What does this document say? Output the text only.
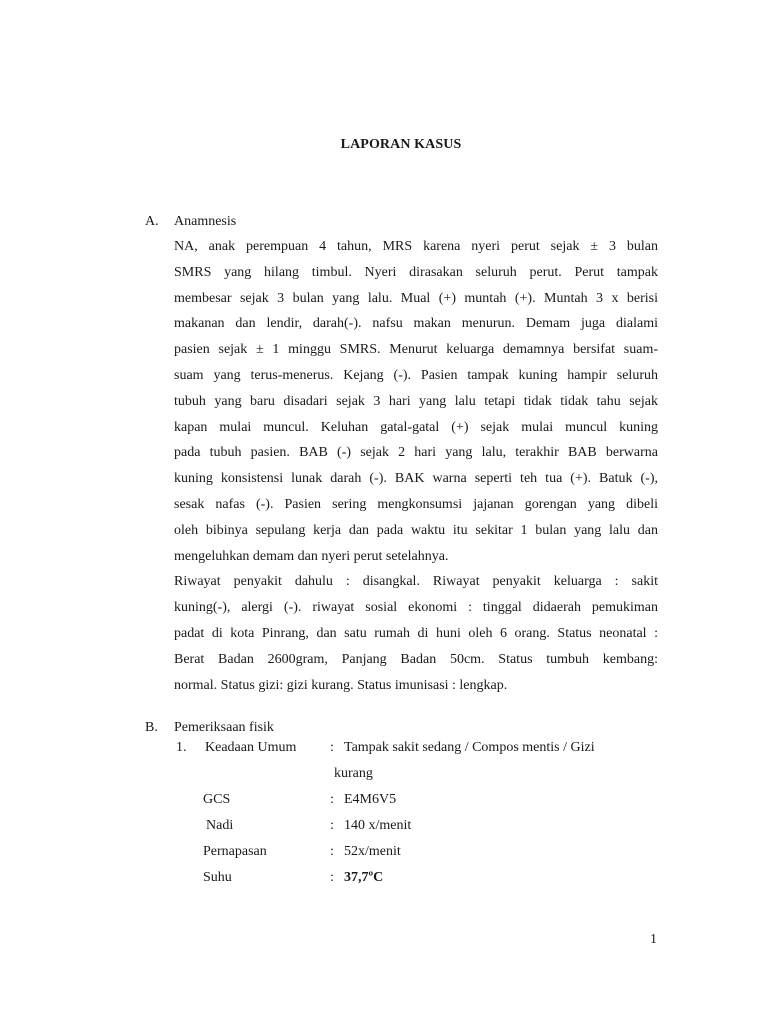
LAPORAN KASUS
A. Anamnesis
NA, anak perempuan 4 tahun, MRS karena nyeri perut sejak ± 3 bulan
SMRS yang hilang timbul. Nyeri dirasakan seluruh perut. Perut tampak
membesar sejak 3 bulan yang lalu. Mual (+) muntah (+). Muntah 3 x berisi
makanan dan lendir, darah(-). nafsu makan menurun. Demam juga dialami
pasien sejak ± 1 minggu SMRS. Menurut keluarga demamnya bersifat suam-
suam yang terus-menerus. Kejang (-). Pasien tampak kuning hampir seluruh
tubuh yang baru disadari sejak 3 hari yang lalu tetapi tidak tidak tahu sejak
kapan mulai muncul. Keluhan gatal-gatal (+) sejak mulai muncul kuning
pada tubuh pasien. BAB (-) sejak 2 hari yang lalu, terakhir BAB berwarna
kuning konsistensi lunak darah (-). BAK warna seperti teh tua (+). Batuk (-),
sesak nafas (-). Pasien sering mengkonsumsi jajanan gorengan yang dibeli
oleh bibinya sepulang kerja dan pada waktu itu sekitar 1 bulan yang lalu dan
mengeluhkan demam dan nyeri perut setelahnya.
Riwayat penyakit dahulu : disangkal. Riwayat penyakit keluarga : sakit
kuning(-), alergi (-). riwayat sosial ekonomi : tinggal didaerah pemukiman
padat di kota Pinrang, dan satu rumah di huni oleh 6 orang. Status neonatal :
Berat Badan 2600gram, Panjang Badan 50cm. Status tumbuh kembang:
normal. Status gizi: gizi kurang. Status imunisasi : lengkap.
B. Pemeriksaan fisik
1. Keadaan Umum : Tampak sakit sedang / Compos mentis / Gizi
kurang
GCS	: E4M6V5
Nadi	: 140 x/menit
Pernapasan	: 52x/menit
Suhu	: 37,7ºC
1
